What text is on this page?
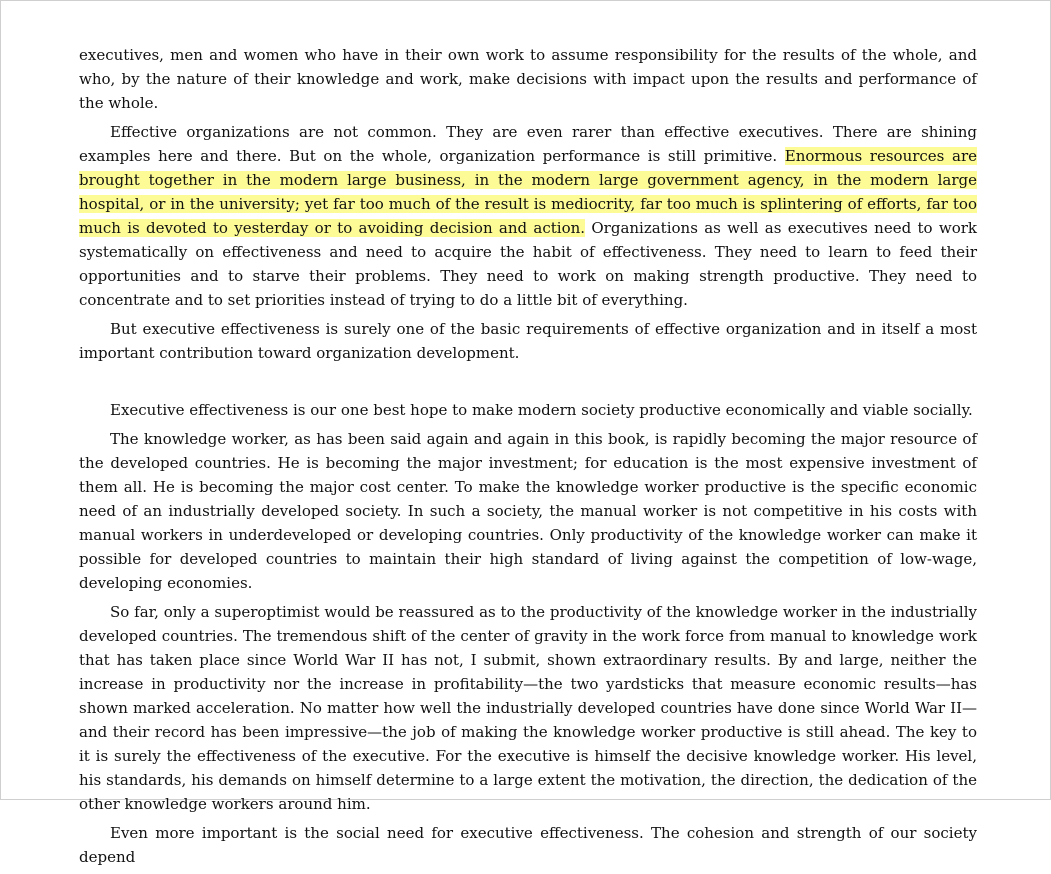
executives, men and women who have in their own work to assume responsibility for the results of the whole, and who, by the nature of their knowledge and work, make decisions with impact upon the results and performance of the whole.

Effective organizations are not common. They are even rarer than effective executives. There are shining examples here and there. But on the whole, organization performance is still primitive. Enormous resources are brought together in the modern large business, in the modern large government agency, in the modern large hospital, or in the university; yet far too much of the result is mediocrity, far too much is splintering of efforts, far too much is devoted to yesterday or to avoiding decision and action. Organizations as well as executives need to work systematically on effectiveness and need to acquire the habit of effectiveness. They need to learn to feed their opportunities and to starve their problems. They need to work on making strength productive. They need to concentrate and to set priorities instead of trying to do a little bit of everything.

But executive effectiveness is surely one of the basic requirements of effective organization and in itself a most important contribution toward organization development.

Executive effectiveness is our one best hope to make modern society productive economically and viable socially.

The knowledge worker, as has been said again and again in this book, is rapidly becoming the major resource of the developed countries. He is becoming the major investment; for education is the most expensive investment of them all. He is becoming the major cost center. To make the knowledge worker productive is the specific economic need of an industrially developed society. In such a society, the manual worker is not competitive in his costs with manual workers in underdeveloped or developing countries. Only productivity of the knowledge worker can make it possible for developed countries to maintain their high standard of living against the competition of low-wage, developing economies.

So far, only a superoptimist would be reassured as to the productivity of the knowledge worker in the industrially developed countries. The tremendous shift of the center of gravity in the work force from manual to knowledge work that has taken place since World War II has not, I submit, shown extraordinary results. By and large, neither the increase in productivity nor the increase in profitability—the two yardsticks that measure economic results—has shown marked acceleration. No matter how well the industrially developed countries have done since World War II—and their record has been impressive—the job of making the knowledge worker productive is still ahead. The key to it is surely the effectiveness of the executive. For the executive is himself the decisive knowledge worker. His level, his standards, his demands on himself determine to a large extent the motivation, the direction, the dedication of the other knowledge workers around him.

Even more important is the social need for executive effectiveness. The cohesion and strength of our society depend
